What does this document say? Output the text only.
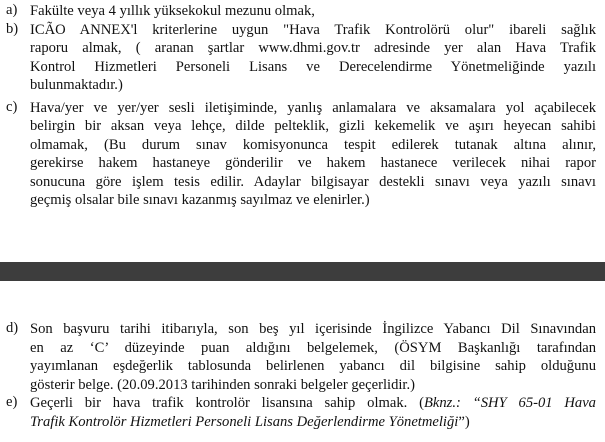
a) Fakülte veya 4 yıllık yüksekokul mezunu olmak,
b) ICÃO ANNEX'l kriterlerine uygun "Hava Trafik Kontrolörü olur" ibareli sağlık
raporu almak, ( aranan şartlar www.dhmi.gov.tr adresinde yer alan Hava Trafik
Kontrol Hizmetleri Personeli Lisans ve Derecelendirme Yönetmeliğinde yazılı
bulunmaktadır.)
c) Hava/yer ve yer/yer sesli iletişiminde, yanlış anlamalara ve aksamalara yol açabilecek
belirgin bir aksan veya lehçe, dilde pelteklik, gizli kekemelik ve aşırı heyecan sahibi
olmamak, (Bu durum sınav komisyonunca tespit edilerek tutanak altına alınır,
gerekirse hakem hastaneye gönderilir ve hakem hastanece verilecek nihai rapor
sonucuna göre işlem tesis edilir. Adaylar bilgisayar destekli sınavı veya yazılı sınavı
geçmiş olsalar bile sınavı kazanmış sayılmaz ve elenirler.)
d) Son başvuru tarihi itibarıyla, son beş yıl içerisinde İngilizce Yabancı Dil Sınavından
en az ‘C’ düzeyinde puan aldığını belgelemek, (ÖSYM Başkanlığı tarafından
yayımlanan eşdeğerlik tablosunda belirlenen yabancı dil bilgisine sahip olduğunu
gösterir belge. (20.09.2013 tarihinden sonraki belgeler geçerlidir.)
e) Geçerli bir hava trafik kontrolör lisansına sahip olmak. (Bknz.: “SHY 65-01 Hava
Trafik Kontrolör Hizmetleri Personeli Lisans Değerlendirme Yönetmeliği”)
